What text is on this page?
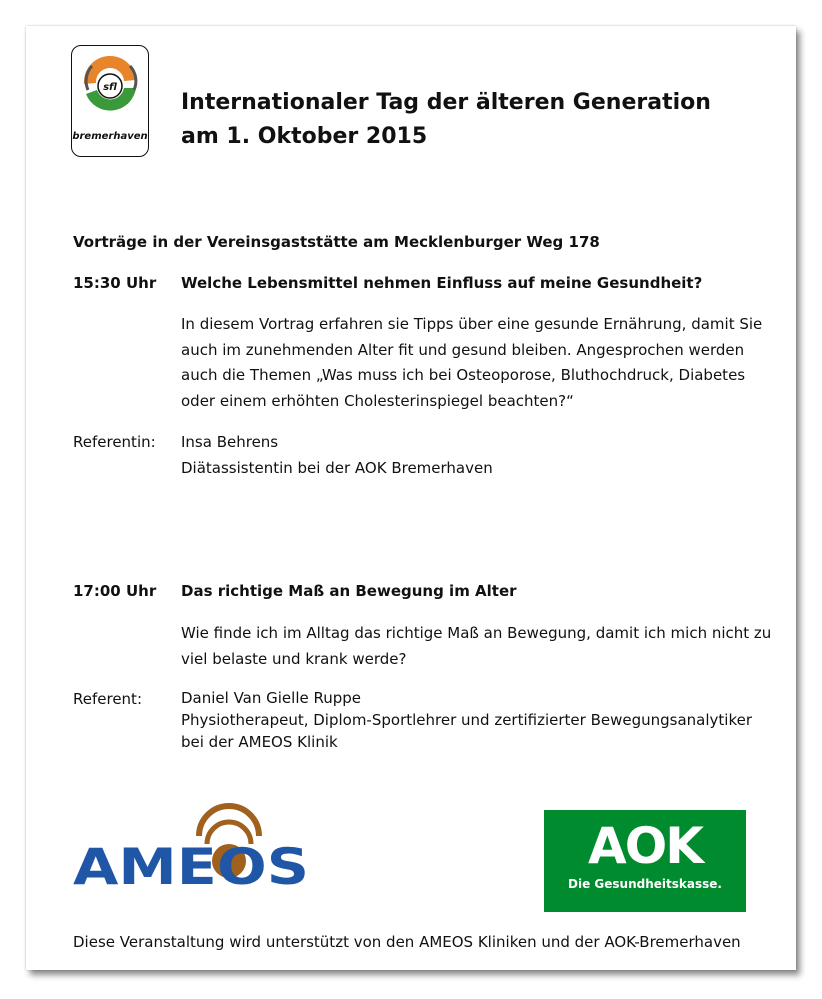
sfl
bremerhaven
Internationaler Tag der älteren Generation
am 1. Oktober 2015
Vorträge in der Vereinsgaststätte am Mecklenburger Weg 178
15:30 Uhr Welche Lebensmittel nehmen Einfluss auf meine Gesundheit?
In diesem Vortrag erfahren sie Tipps über eine gesunde Ernährung, damit Sie
auch im zunehmenden Alter fit und gesund bleiben. Angesprochen werden
auch die Themen „Was muss ich bei Osteoporose, Bluthochdruck, Diabetes
oder einem erhöhten Cholesterinspiegel beachten?“
Referentin: Insa Behrens
Diätassistentin bei der AOK Bremerhaven
17:00 Uhr Das richtige Maß an Bewegung im Alter
Wie finde ich im Alltag das richtige Maß an Bewegung, damit ich mich nicht zu
viel belaste und krank werde?
Referent:	Daniel Van Gielle Ruppe
Physiotherapeut, Diplom-Sportlehrer und zertifizierter Bewegungsanalytiker
bei der AMEOS Klinik
AMEOS	AOK
Die Gesundheitskasse.
Diese Veranstaltung wird unterstützt von den AMEOS Kliniken und der AOK-Bremerhaven
